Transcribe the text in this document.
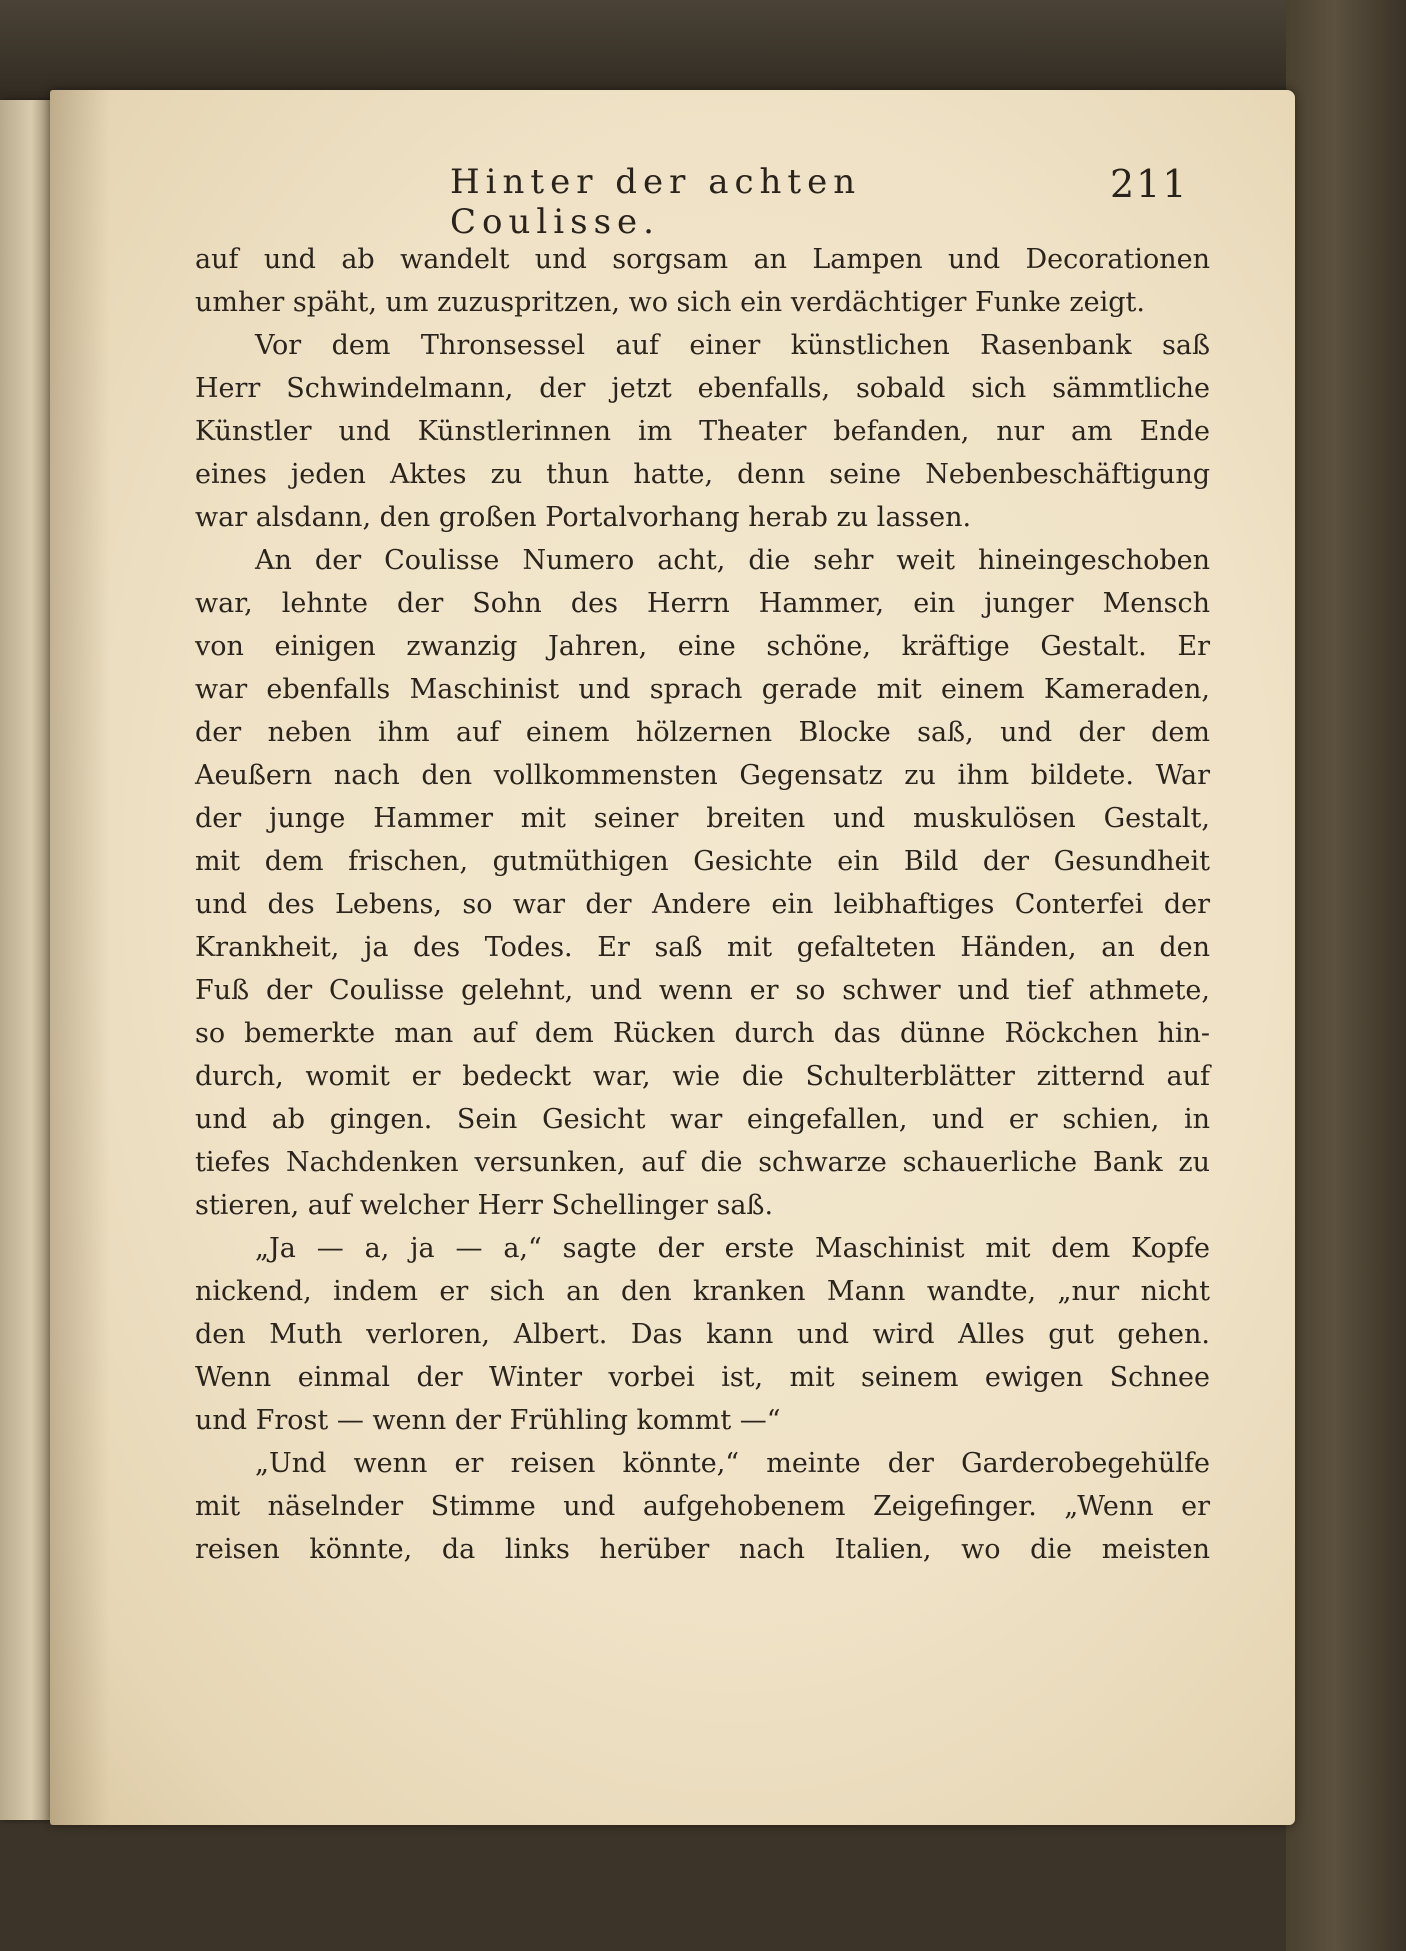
Hinter der achten Coulisse.
211
auf und ab wandelt und sorgsam an Lampen und Decorationen
umher späht, um zuzuspritzen, wo sich ein verdächtiger Funke zeigt.
Vor dem Thronsessel auf einer künstlichen Rasenbank saß
Herr Schwindelmann, der jetzt ebenfalls, sobald sich sämmtliche
Künstler und Künstlerinnen im Theater befanden, nur am Ende
eines jeden Aktes zu thun hatte, denn seine Nebenbeschäftigung
war alsdann, den großen Portalvorhang herab zu lassen.
An der Coulisse Numero acht, die sehr weit hineingeschoben
war, lehnte der Sohn des Herrn Hammer, ein junger Mensch
von einigen zwanzig Jahren, eine schöne, kräftige Gestalt. Er
war ebenfalls Maschinist und sprach gerade mit einem Kameraden,
der neben ihm auf einem hölzernen Blocke saß, und der dem
Aeußern nach den vollkommensten Gegensatz zu ihm bildete. War
der junge Hammer mit seiner breiten und muskulösen Gestalt,
mit dem frischen, gutmüthigen Gesichte ein Bild der Gesundheit
und des Lebens, so war der Andere ein leibhaftiges Conterfei der
Krankheit, ja des Todes. Er saß mit gefalteten Händen, an den
Fuß der Coulisse gelehnt, und wenn er so schwer und tief athmete,
so bemerkte man auf dem Rücken durch das dünne Röckchen hin-
durch, womit er bedeckt war, wie die Schulterblätter zitternd auf
und ab gingen. Sein Gesicht war eingefallen, und er schien, in
tiefes Nachdenken versunken, auf die schwarze schauerliche Bank zu
stieren, auf welcher Herr Schellinger saß.
„Ja — a, ja — a,“ sagte der erste Maschinist mit dem Kopfe
nickend, indem er sich an den kranken Mann wandte, „nur nicht
den Muth verloren, Albert. Das kann und wird Alles gut gehen.
Wenn einmal der Winter vorbei ist, mit seinem ewigen Schnee
und Frost — wenn der Frühling kommt —“
„Und wenn er reisen könnte,“ meinte der Garderobegehülfe
mit näselnder Stimme und aufgehobenem Zeigefinger. „Wenn er
reisen könnte, da links herüber nach Italien, wo die meisten
